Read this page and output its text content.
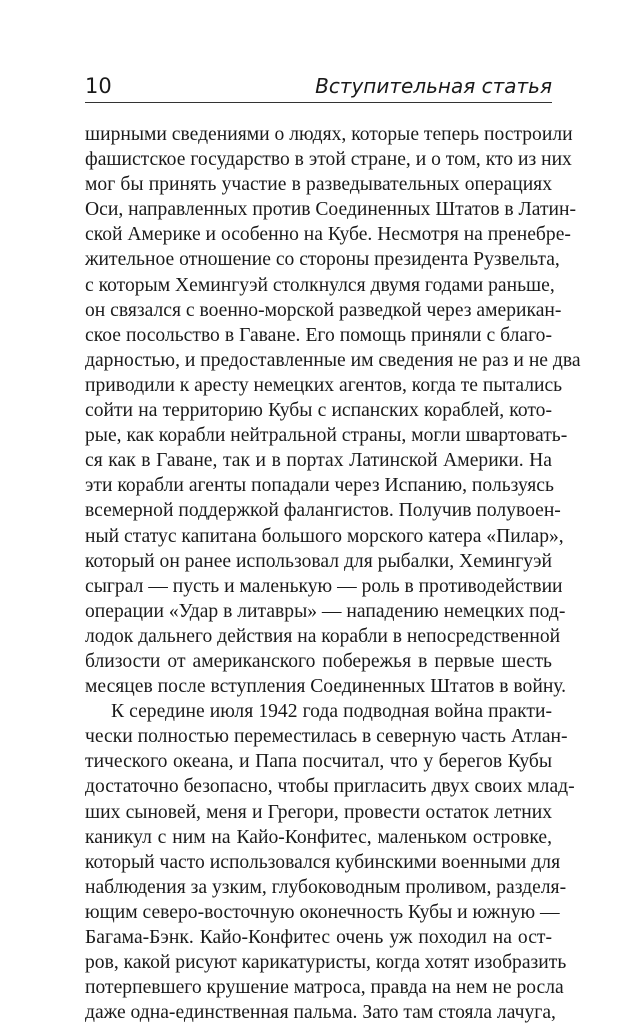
10	Вступительная статья
ширными сведениями о людях, которые теперь построили
фашистское государство в этой стране, и о том, кто из них
мог бы принять участие в разведывательных операциях
Оси, направленных против Соединенных Штатов в Латин-
ской Америке и особенно на Кубе. Несмотря на пренебре-
жительное отношение со стороны президента Рузвельта,
с которым Хемингуэй столкнулся двумя годами раньше,
он связался с военно-морской разведкой через американ-
ское посольство в Гаване. Его помощь приняли с благо-
дарностью, и предоставленные им сведения не раз и не два
приводили к аресту немецких агентов, когда те пытались
сойти на территорию Кубы с испанских кораблей, кото-
рые, как корабли нейтральной страны, могли швартовать-
ся как в Гаване, так и в портах Латинской Америки. На
эти корабли агенты попадали через Испанию, пользуясь
всемерной поддержкой фалангистов. Получив полувоен-
ный статус капитана большого морского катера «Пилар»,
который он ранее использовал для рыбалки, Хемингуэй
сыграл — пусть и маленькую — роль в противодействии
операции «Удар в литавры» — нападению немецких под-
лодок дальнего действия на корабли в непосредственной
близости от американского побережья в первые шесть
месяцев после вступления Соединенных Штатов в войну.
К середине июля 1942 года подводная война практи-
чески полностью переместилась в северную часть Атлан-
тического океана, и Папа посчитал, что у берегов Кубы
достаточно безопасно, чтобы пригласить двух своих млад-
ших сыновей, меня и Грегори, провести остаток летних
каникул с ним на Кайо-Конфитес, маленьком островке,
который часто использовался кубинскими военными для
наблюдения за узким, глубоководным проливом, разделя-
ющим северо-восточную оконечность Кубы и южную —
Багама-Бэнк. Кайо-Конфитес очень уж походил на ост-
ров, какой рисуют карикатуристы, когда хотят изобразить
потерпевшего крушение матроса, правда на нем не росла
даже одна-единственная пальма. Зато там стояла лачуга,
